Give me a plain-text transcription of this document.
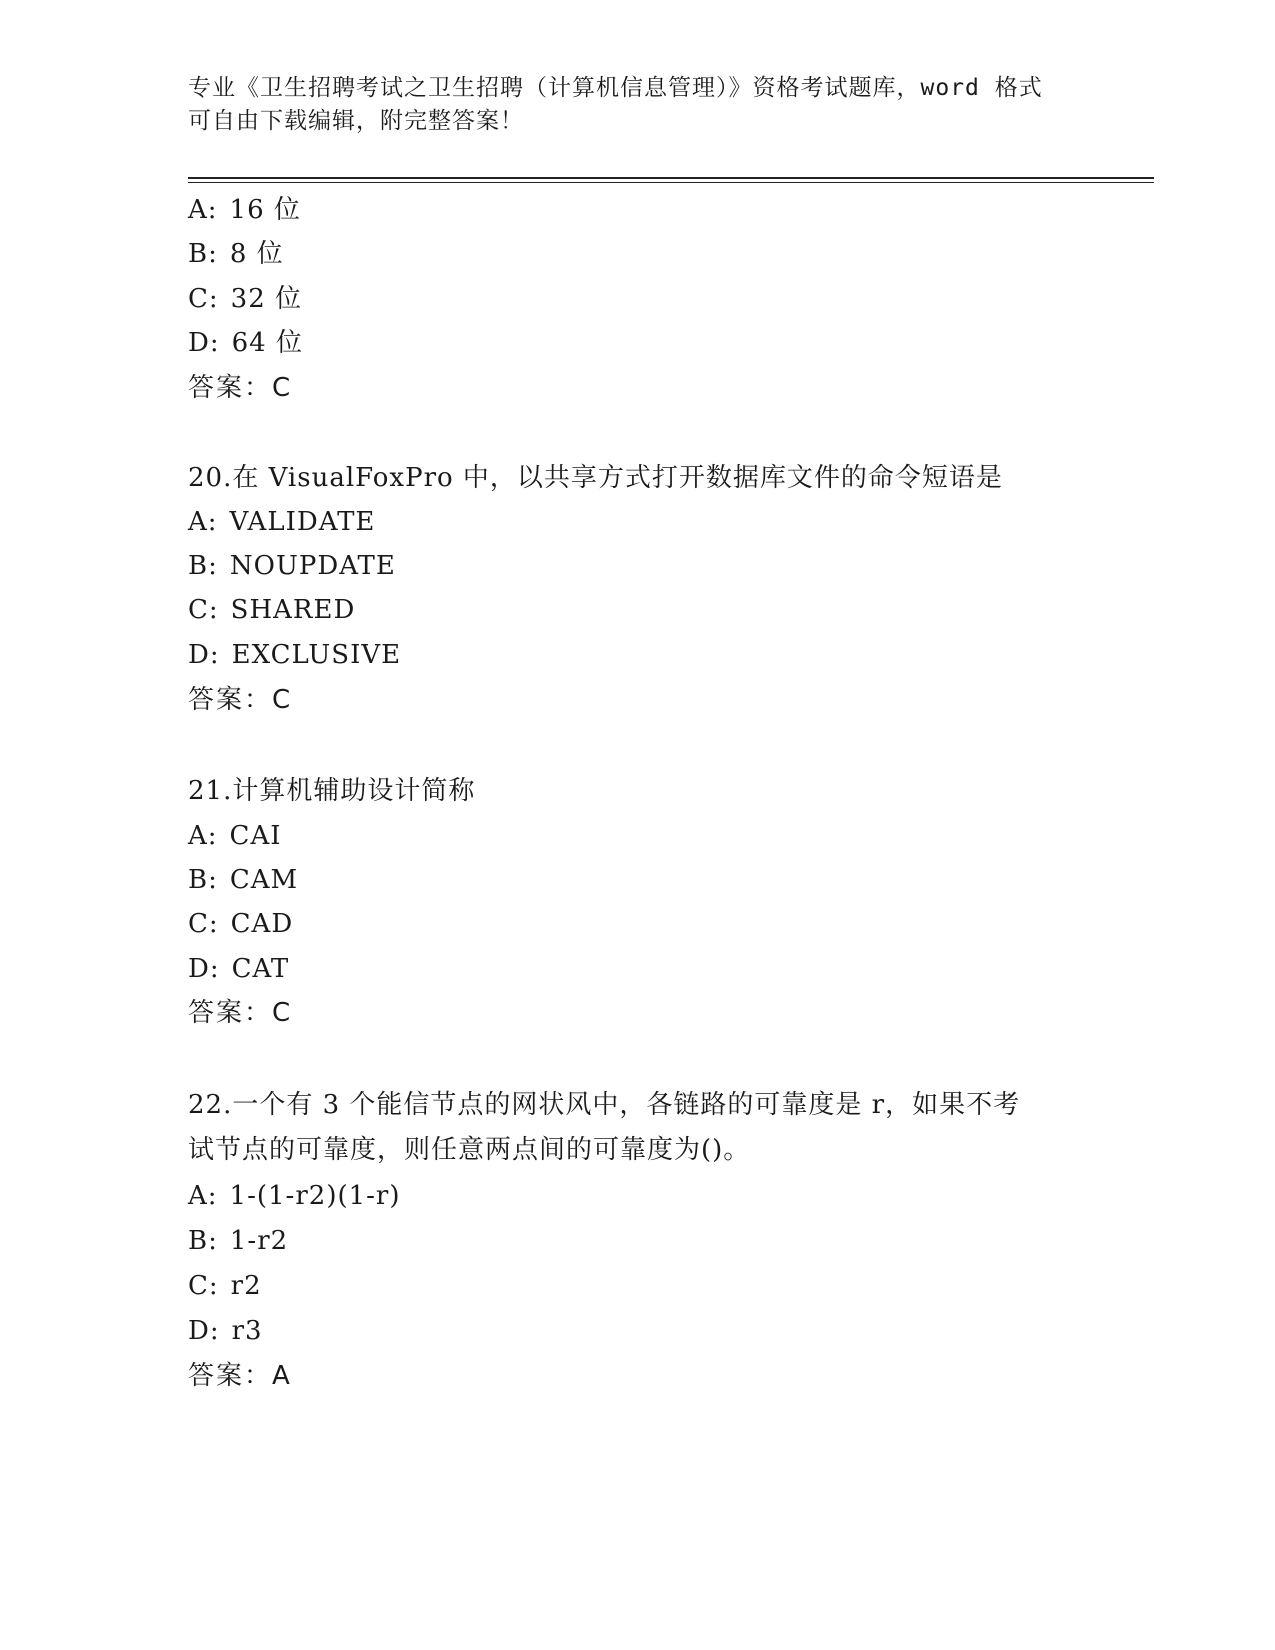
专业《卫生招聘考试之卫生招聘（计算机信息管理）》资格考试题库，word 格式
可自由下载编辑，附完整答案！
A: 16 位
B: 8 位
C: 32 位
D: 64 位
答案：C
20.在 VisualFoxPro 中，以共享方式打开数据库文件的命令短语是
A: VALIDATE
B: NOUPDATE
C: SHARED
D: EXCLUSIVE
答案：C
21.计算机辅助设计简称
A: CAI
B: CAM
C: CAD
D: CAT
答案：C
22.一个有 3 个能信节点的网状风中，各链路的可靠度是 r，如果不考
试节点的可靠度，则任意两点间的可靠度为()。
A: 1-(1-r2)(1-r)
B: 1-r2
C: r2
D: r3
答案：A
